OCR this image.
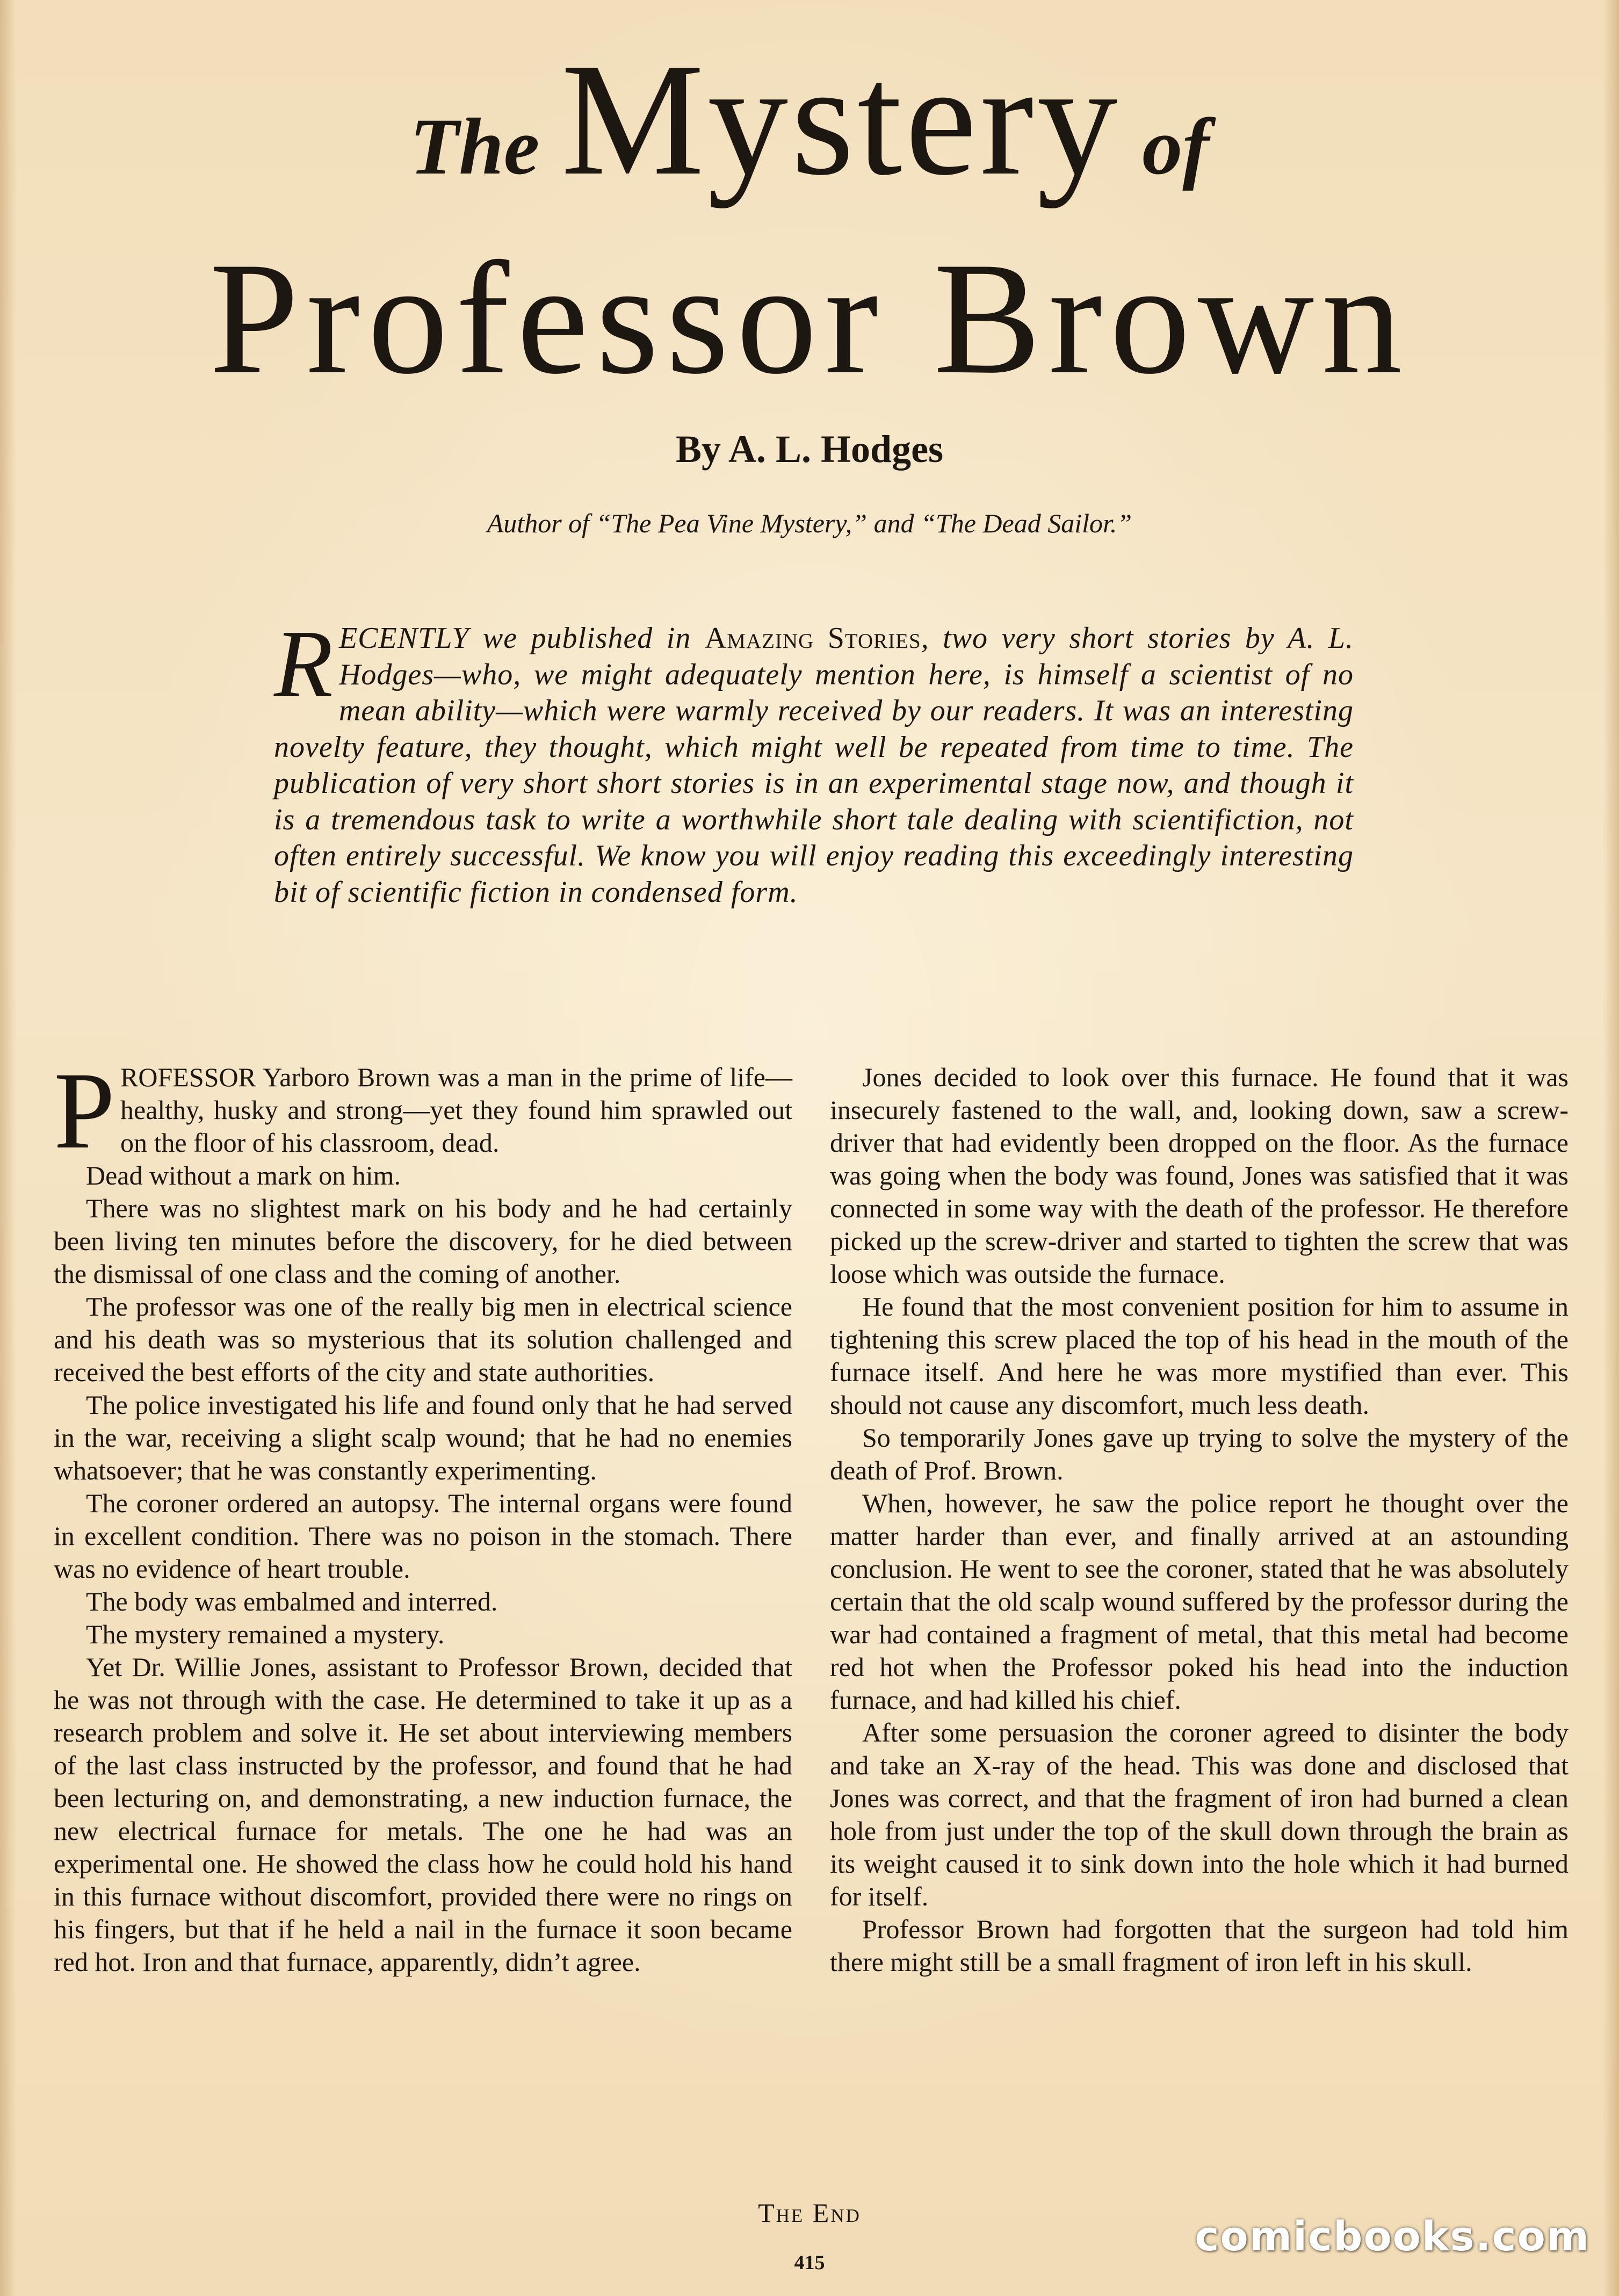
The Mystery of
Professor Brown
By A. L. Hodges
Author of “The Pea Vine Mystery,” and “The Dead Sailor.”
RECENTLY we published in Amazing Stories, two very short stories by A. L. Hodges—who, we might adequately mention here, is himself a scientist of no mean ability—which were warmly received by our readers. It was an interesting novelty feature, they thought, which might well be repeated from time to time. The publication of very short short stories is in an experimental stage now, and though it is a tremendous task to write a worthwhile short tale dealing with scientifiction, not often entirely successful. We know you will enjoy reading this exceedingly interesting bit of scientific fiction in condensed form.

PROFESSOR Yarboro Brown was a man in the prime of life—healthy, husky and strong—yet they found him sprawled out on the floor of his classroom, dead.

Dead without a mark on him.

There was no slightest mark on his body and he had certainly been living ten minutes before the discovery, for he died between the dismissal of one class and the coming of another.

The professor was one of the really big men in electrical science and his death was so mysterious that its solution challenged and received the best efforts of the city and state authorities.

The police investigated his life and found only that he had served in the war, receiving a slight scalp wound; that he had no enemies whatsoever; that he was constantly experimenting.

The coroner ordered an autopsy. The internal organs were found in excellent condition. There was no poison in the stomach. There was no evidence of heart trouble.

The body was embalmed and interred.

The mystery remained a mystery.

Yet Dr. Willie Jones, assistant to Professor Brown, decided that he was not through with the case. He determined to take it up as a research problem and solve it. He set about interviewing members of the last class instructed by the professor, and found that he had been lecturing on, and demonstrating, a new induction furnace, the new electrical furnace for metals. The one he had was an experimental one. He showed the class how he could hold his hand in this furnace without discomfort, provided there were no rings on his fingers, but that if he held a nail in the furnace it soon became red hot. Iron and that furnace, apparently, didn’t agree.

Jones decided to look over this furnace. He found that it was insecurely fastened to the wall, and, looking down, saw a screw-driver that had evidently been dropped on the floor. As the furnace was going when the body was found, Jones was satisfied that it was connected in some way with the death of the professor. He therefore picked up the screw-driver and started to tighten the screw that was loose which was outside the furnace.

He found that the most convenient position for him to assume in tightening this screw placed the top of his head in the mouth of the furnace itself. And here he was more mystified than ever. This should not cause any discomfort, much less death.

So temporarily Jones gave up trying to solve the mystery of the death of Prof. Brown.

When, however, he saw the police report he thought over the matter harder than ever, and finally arrived at an astounding conclusion. He went to see the coroner, stated that he was absolutely certain that the old scalp wound suffered by the professor during the war had contained a fragment of metal, that this metal had become red hot when the Professor poked his head into the induction furnace, and had killed his chief.

After some persuasion the coroner agreed to disinter the body and take an X-ray of the head. This was done and disclosed that Jones was correct, and that the fragment of iron had burned a clean hole from just under the top of the skull down through the brain as its weight caused it to sink down into the hole which it had burned for itself.

Professor Brown had forgotten that the surgeon had told him there might still be a small fragment of iron left in his skull.

The End
415
comicbooks.com
